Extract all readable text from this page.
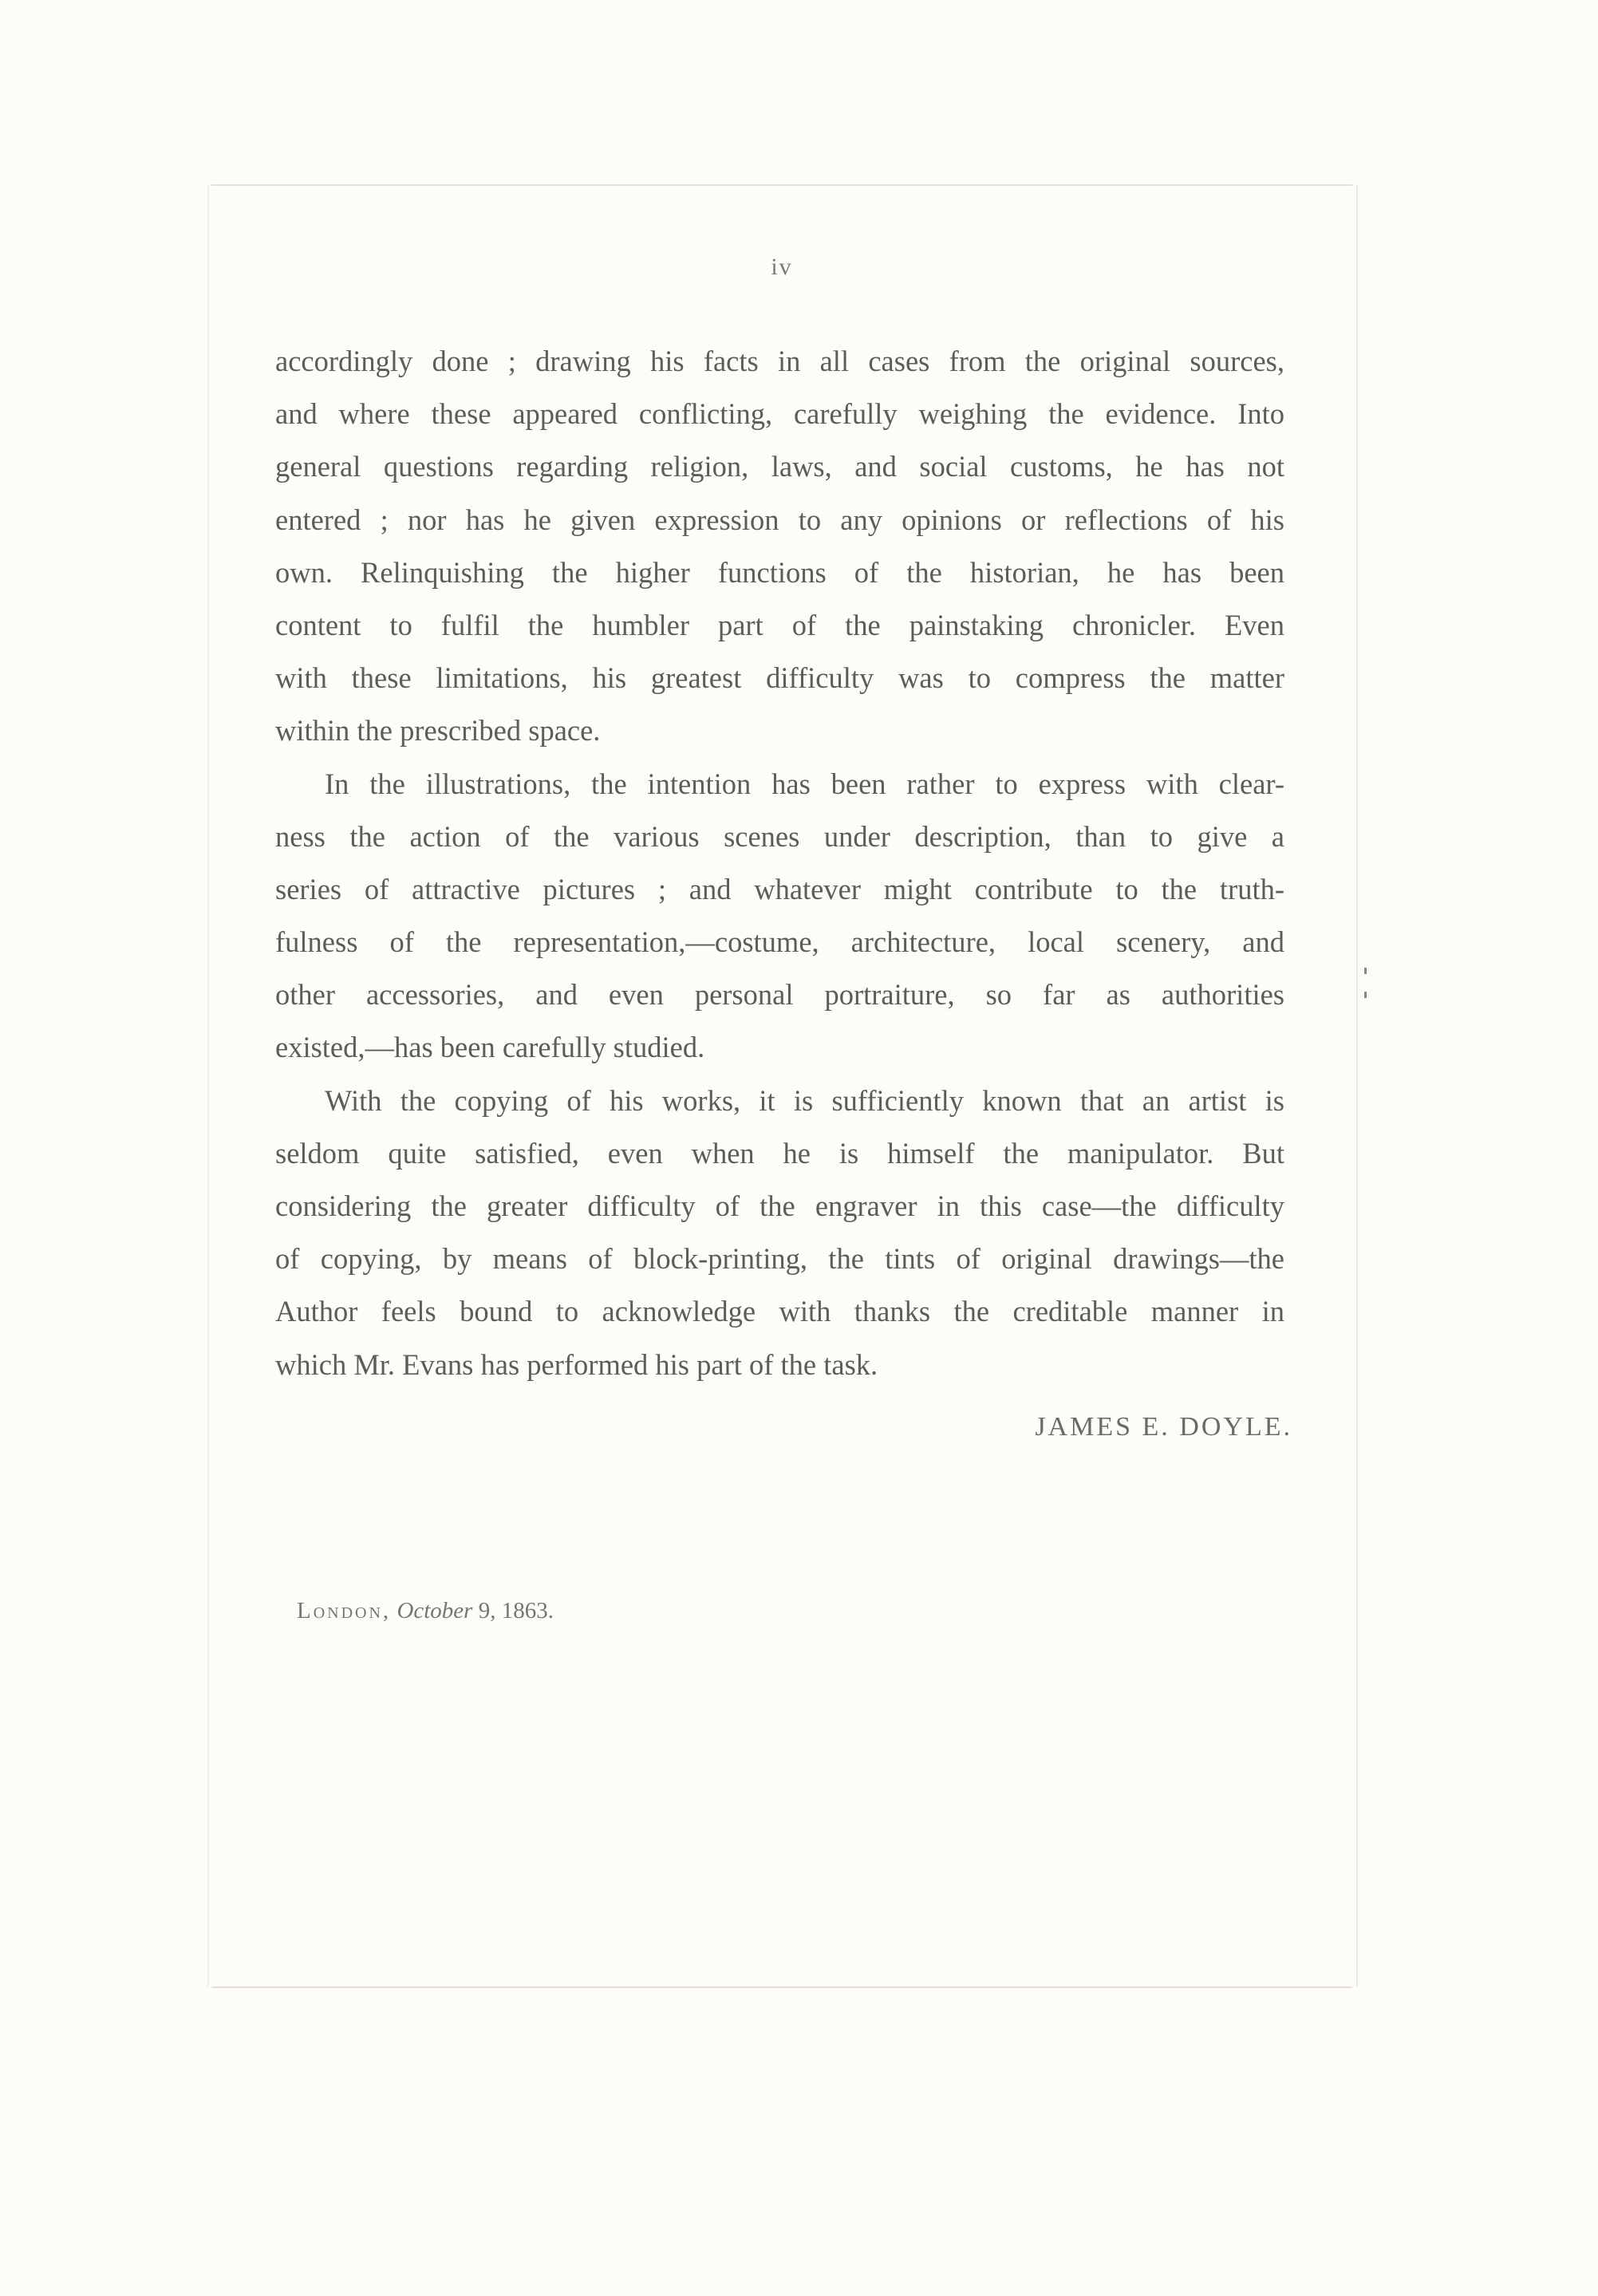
iv
accordingly done ; drawing his facts in all cases from the original sources,
and where these appeared conflicting, carefully weighing the evidence. Into
general questions regarding religion, laws, and social customs, he has not
entered ; nor has he given expression to any opinions or reflections of his
own. Relinquishing the higher functions of the historian, he has been
content to fulfil the humbler part of the painstaking chronicler. Even
with these limitations, his greatest difficulty was to compress the matter
within the prescribed space.
In the illustrations, the intention has been rather to express with clear-
ness the action of the various scenes under description, than to give a
series of attractive pictures ; and whatever might contribute to the truth-
fulness of the representation,—costume, architecture, local scenery, and
other accessories, and even personal portraiture, so far as authorities
existed,—has been carefully studied.
With the copying of his works, it is sufficiently known that an artist is
seldom quite satisfied, even when he is himself the manipulator. But
considering the greater difficulty of the engraver in this case—the difficulty
of copying, by means of block-printing, the tints of original drawings—the
Author feels bound to acknowledge with thanks the creditable manner in
which Mr. Evans has performed his part of the task.
JAMES E. DOYLE.
London, October 9, 1863.
